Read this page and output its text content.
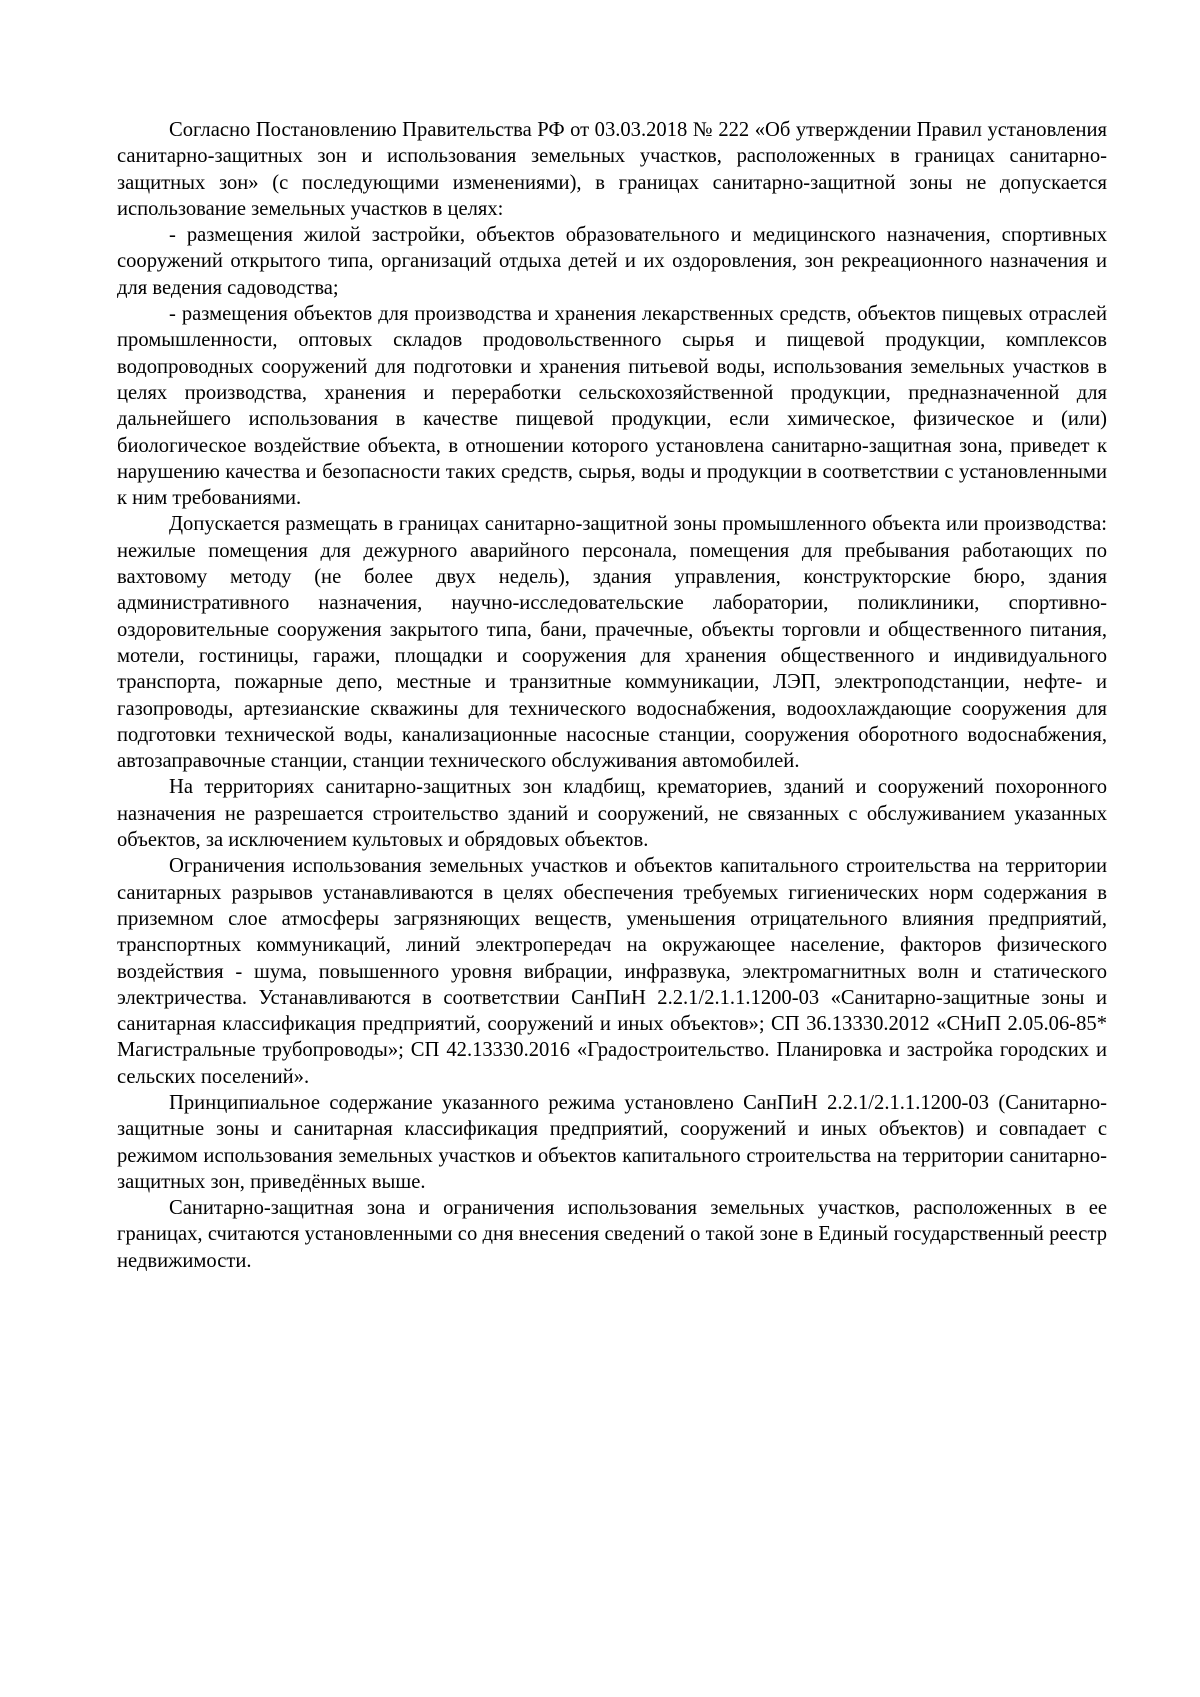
Согласно Постановлению Правительства РФ от 03.03.2018 № 222 «Об утверждении Правил установления санитарно-защитных зон и использования земельных участков, расположенных в границах санитарно-защитных зон» (с последующими изменениями), в границах санитарно-защитной зоны не допускается использование земельных участков в целях:

- размещения жилой застройки, объектов образовательного и медицинского назначения, спортивных сооружений открытого типа, организаций отдыха детей и их оздоровления, зон рекреационного назначения и для ведения садоводства;

- размещения объектов для производства и хранения лекарственных средств, объектов пищевых отраслей промышленности, оптовых складов продовольственного сырья и пищевой продукции, комплексов водопроводных сооружений для подготовки и хранения питьевой воды, использования земельных участков в целях производства, хранения и переработки сельскохозяйственной продукции, предназначенной для дальнейшего использования в качестве пищевой продукции, если химическое, физическое и (или) биологическое воздействие объекта, в отношении которого установлена санитарно-защитная зона, приведет к нарушению качества и безопасности таких средств, сырья, воды и продукции в соответствии с установленными к ним требованиями.

Допускается размещать в границах санитарно-защитной зоны промышленного объекта или производства: нежилые помещения для дежурного аварийного персонала, помещения для пребывания работающих по вахтовому методу (не более двух недель), здания управления, конструкторские бюро, здания административного назначения, научно-исследовательские лаборатории, поликлиники, спортивно-оздоровительные сооружения закрытого типа, бани, прачечные, объекты торговли и общественного питания, мотели, гостиницы, гаражи, площадки и сооружения для хранения общественного и индивидуального транспорта, пожарные депо, местные и транзитные коммуникации, ЛЭП, электроподстанции, нефте- и газопроводы, артезианские скважины для технического водоснабжения, водоохлаждающие сооружения для подготовки технической воды, канализационные насосные станции, сооружения оборотного водоснабжения, автозаправочные станции, станции технического обслуживания автомобилей.

На территориях санитарно-защитных зон кладбищ, крематориев, зданий и сооружений похоронного назначения не разрешается строительство зданий и сооружений, не связанных с обслуживанием указанных объектов, за исключением культовых и обрядовых объектов.

Ограничения использования земельных участков и объектов капитального строительства на территории санитарных разрывов устанавливаются в целях обеспечения требуемых гигиенических норм содержания в приземном слое атмосферы загрязняющих веществ, уменьшения отрицательного влияния предприятий, транспортных коммуникаций, линий электропередач на окружающее население, факторов физического воздействия - шума, повышенного уровня вибрации, инфразвука, электромагнитных волн и статического электричества. Устанавливаются в соответствии СанПиН 2.2.1/2.1.1.1200-03 «Санитарно-защитные зоны и санитарная классификация предприятий, сооружений и иных объектов»; СП 36.13330.2012 «СНиП 2.05.06-85* Магистральные трубопроводы»; СП 42.13330.2016 «Градостроительство. Планировка и застройка городских и сельских поселений».

Принципиальное содержание указанного режима установлено СанПиН 2.2.1/2.1.1.1200-03 (Санитарно-защитные зоны и санитарная классификация предприятий, сооружений и иных объектов) и совпадает с режимом использования земельных участков и объектов капитального строительства на территории санитарно-защитных зон, приведённых выше.

Санитарно-защитная зона и ограничения использования земельных участков, расположенных в ее границах, считаются установленными со дня внесения сведений о такой зоне в Единый государственный реестр недвижимости.
